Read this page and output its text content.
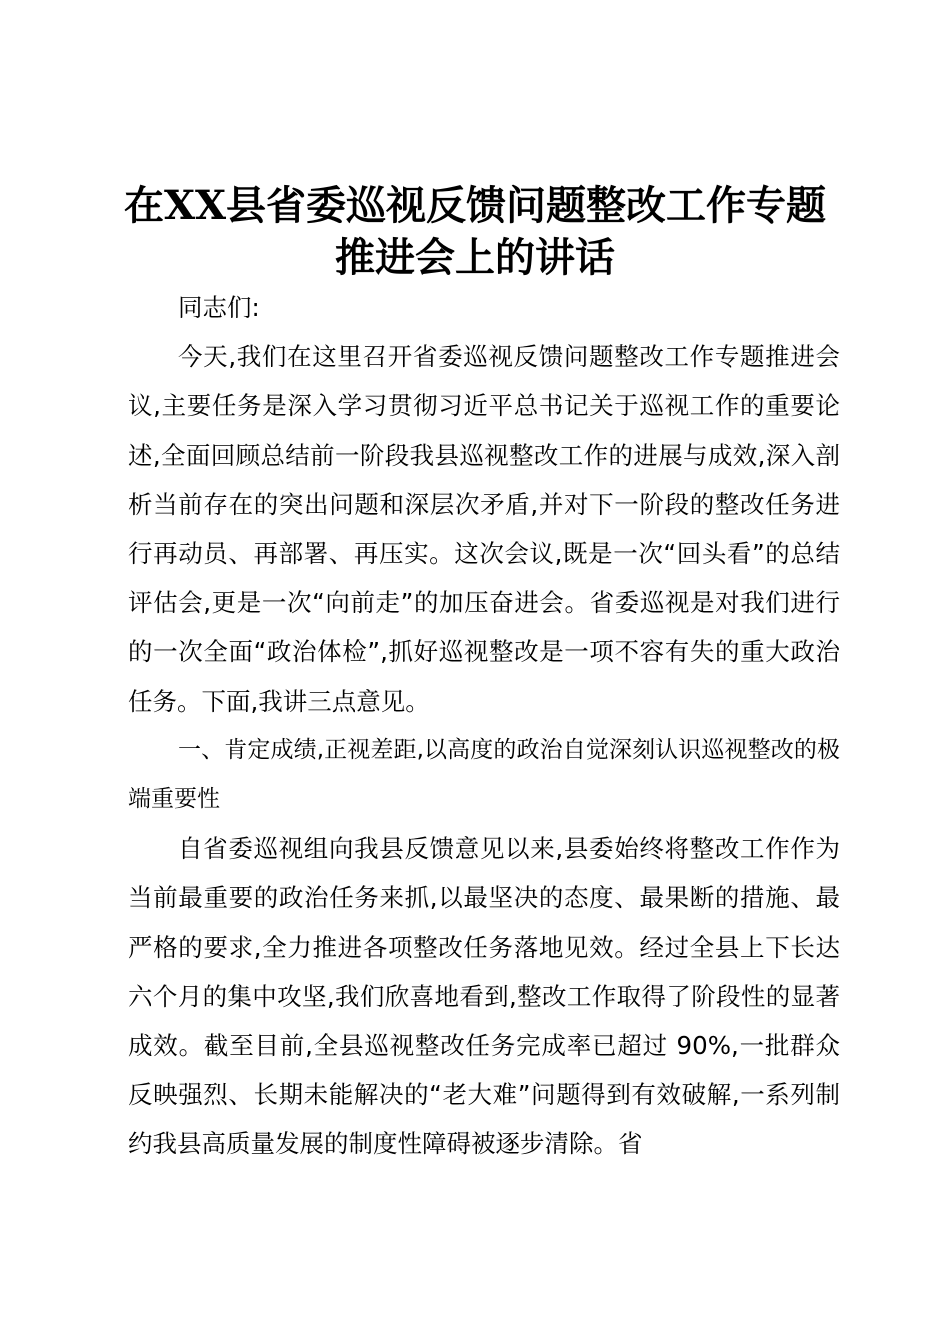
在XX县省委巡视反馈问题整改工作专题推进会上的讲话

同志们:

今天,我们在这里召开省委巡视反馈问题整改工作专题推进会议,主要任务是深入学习贯彻习近平总书记关于巡视工作的重要论述,全面回顾总结前一阶段我县巡视整改工作的进展与成效,深入剖析当前存在的突出问题和深层次矛盾,并对下一阶段的整改任务进行再动员、再部署、再压实。这次会议,既是一次“回头看”的总结评估会,更是一次“向前走”的加压奋进会。省委巡视是对我们进行的一次全面“政治体检”,抓好巡视整改是一项不容有失的重大政治任务。下面,我讲三点意见。

一、肯定成绩,正视差距,以高度的政治自觉深刻认识巡视整改的极端重要性

自省委巡视组向我县反馈意见以来,县委始终将整改工作作为当前最重要的政治任务来抓,以最坚决的态度、最果断的措施、最严格的要求,全力推进各项整改任务落地见效。经过全县上下长达六个月的集中攻坚,我们欣喜地看到,整改工作取得了阶段性的显著成效。截至目前,全县巡视整改任务完成率已超过 90%,一批群众反映强烈、长期未能解决的“老大难”问题得到有效破解,一系列制约我县高质量发展的制度性障碍被逐步清除。省
